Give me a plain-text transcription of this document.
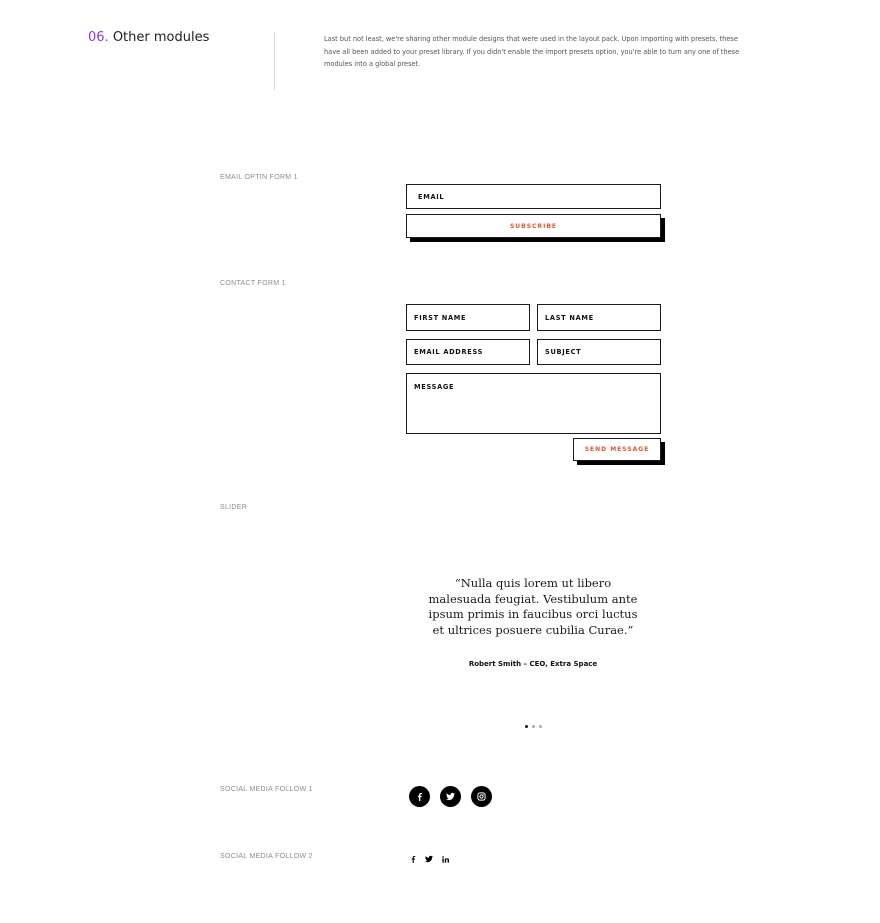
06. Other modules	Last but not least, we're sharing other module designs that were used in the layout pack. Upon importing with presets, these have all been added to your preset library. If you didn't enable the import presets option, you're able to turn any one of these modules into a global preset.
EMAIL OPTIN FORM 1
EMAIL
SUBSCRIBE
CONTACT FORM 1
FIRST NAME	LAST NAME
EMAIL ADDRESS	SUBJECT
MESSAGE
SEND MESSAGE
SLIDER
“Nulla quis lorem ut libero malesuada feugiat. Vestibulum ante ipsum primis in faucibus orci luctus et ultrices posuere cubilia Curae.”
Robert Smith – CEO, Extra Space
SOCIAL MEDIA FOLLOW 1
SOCIAL MEDIA FOLLOW 2
